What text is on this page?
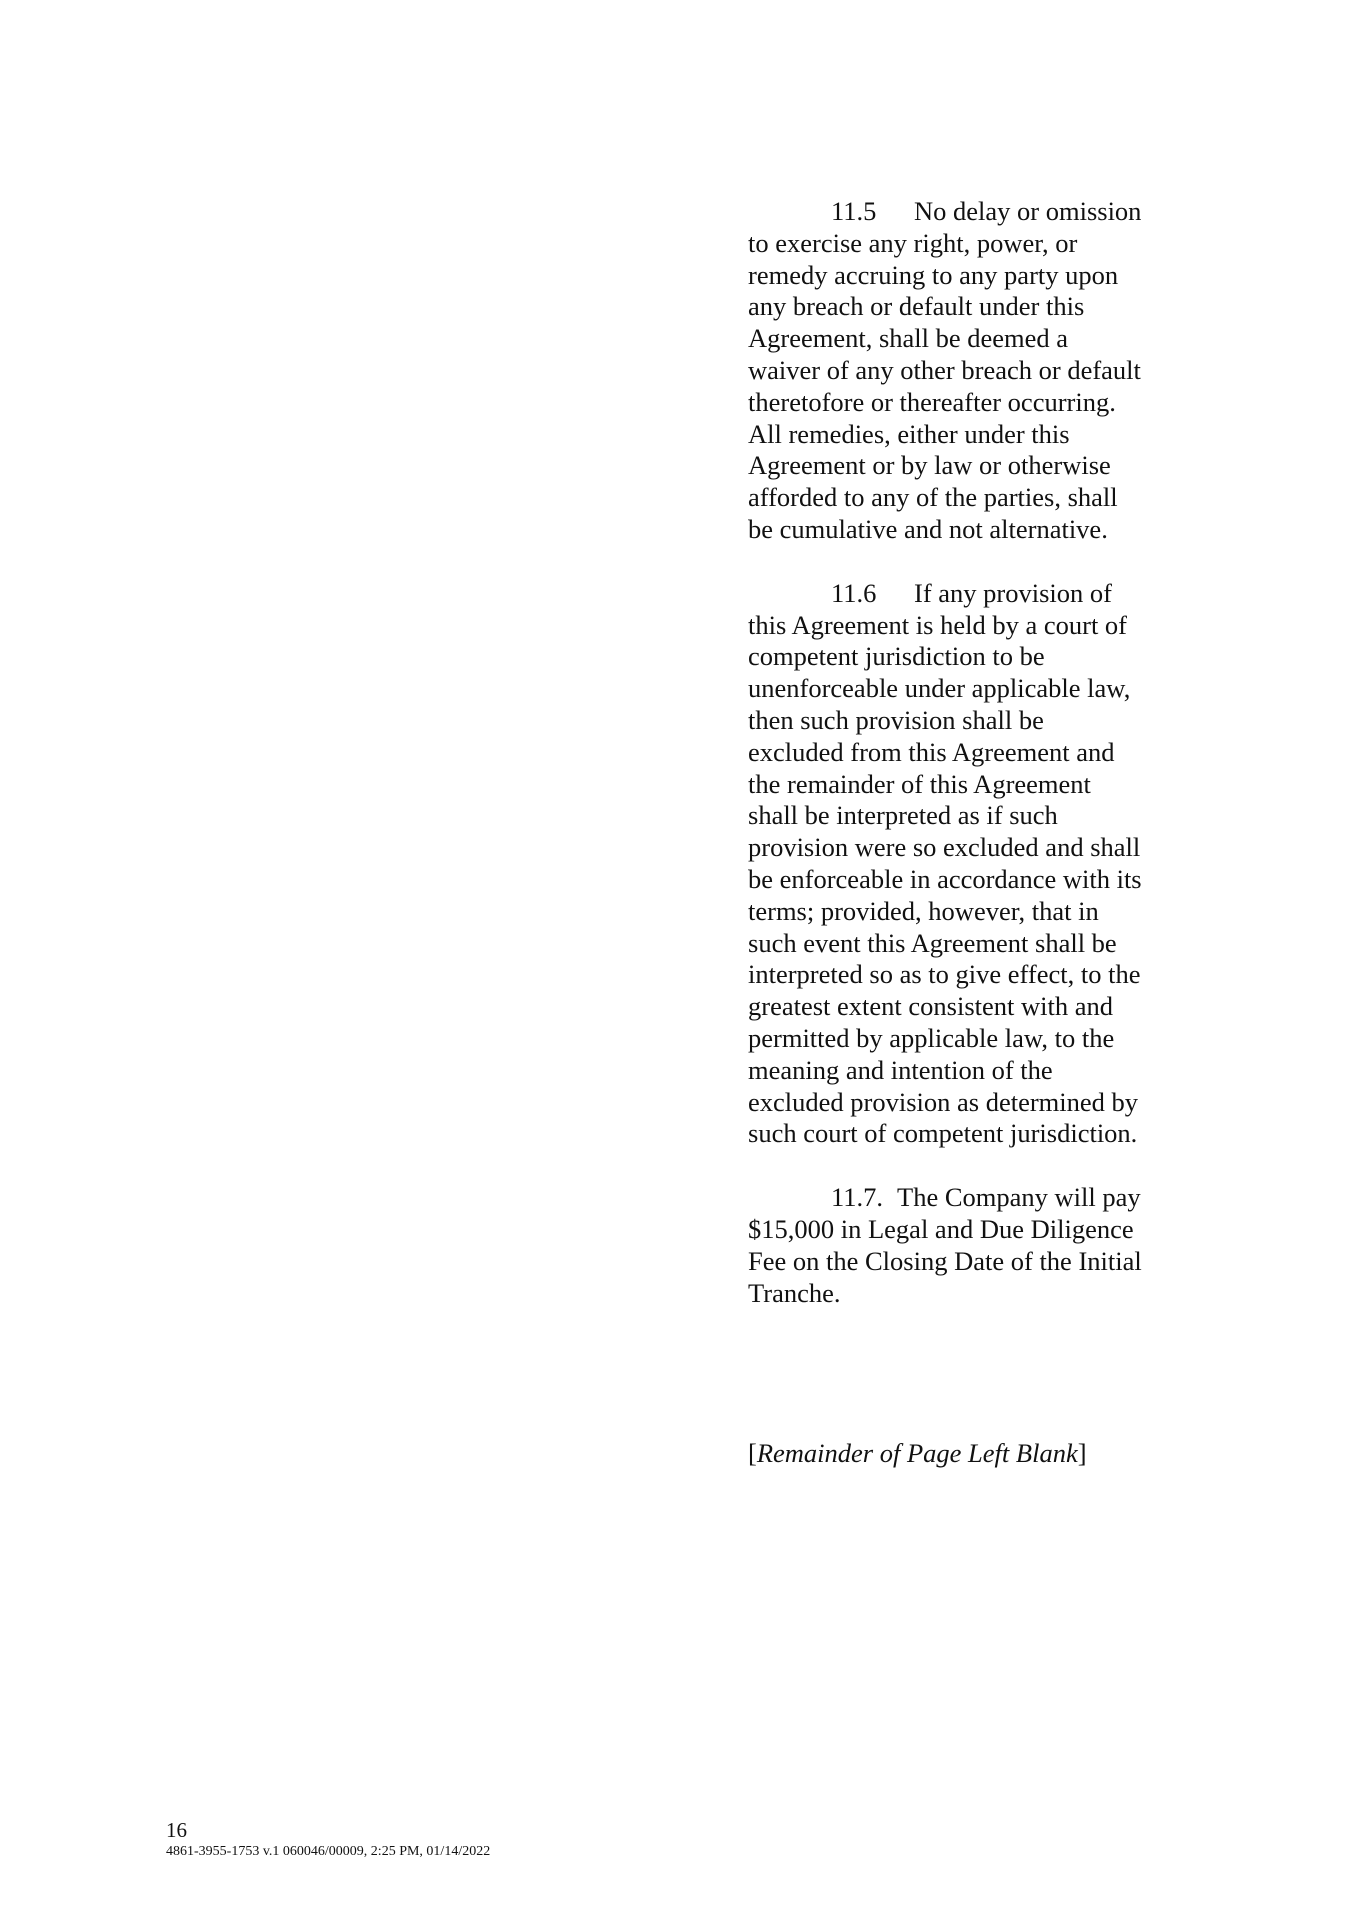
11.5 No delay or omission
to exercise any right, power, or
remedy accruing to any party upon
any breach or default under this
Agreement, shall be deemed a
waiver of any other breach or default
theretofore or thereafter occurring.
All remedies, either under this
Agreement or by law or otherwise
afforded to any of the parties, shall
be cumulative and not alternative.

11.6 If any provision of
this Agreement is held by a court of
competent jurisdiction to be
unenforceable under applicable law,
then such provision shall be
excluded from this Agreement and
the remainder of this Agreement
shall be interpreted as if such
provision were so excluded and shall
be enforceable in accordance with its
terms; provided, however, that in
such event this Agreement shall be
interpreted so as to give effect, to the
greatest extent consistent with and
permitted by applicable law, to the
meaning and intention of the
excluded provision as determined by
such court of competent jurisdiction.

11.7. The Company will pay
$15,000 in Legal and Due Diligence
Fee on the Closing Date of the Initial
Tranche.

[Remainder of Page Left Blank]
16
4861-3955-1753 v.1 060046/00009, 2:25 PM, 01/14/2022
